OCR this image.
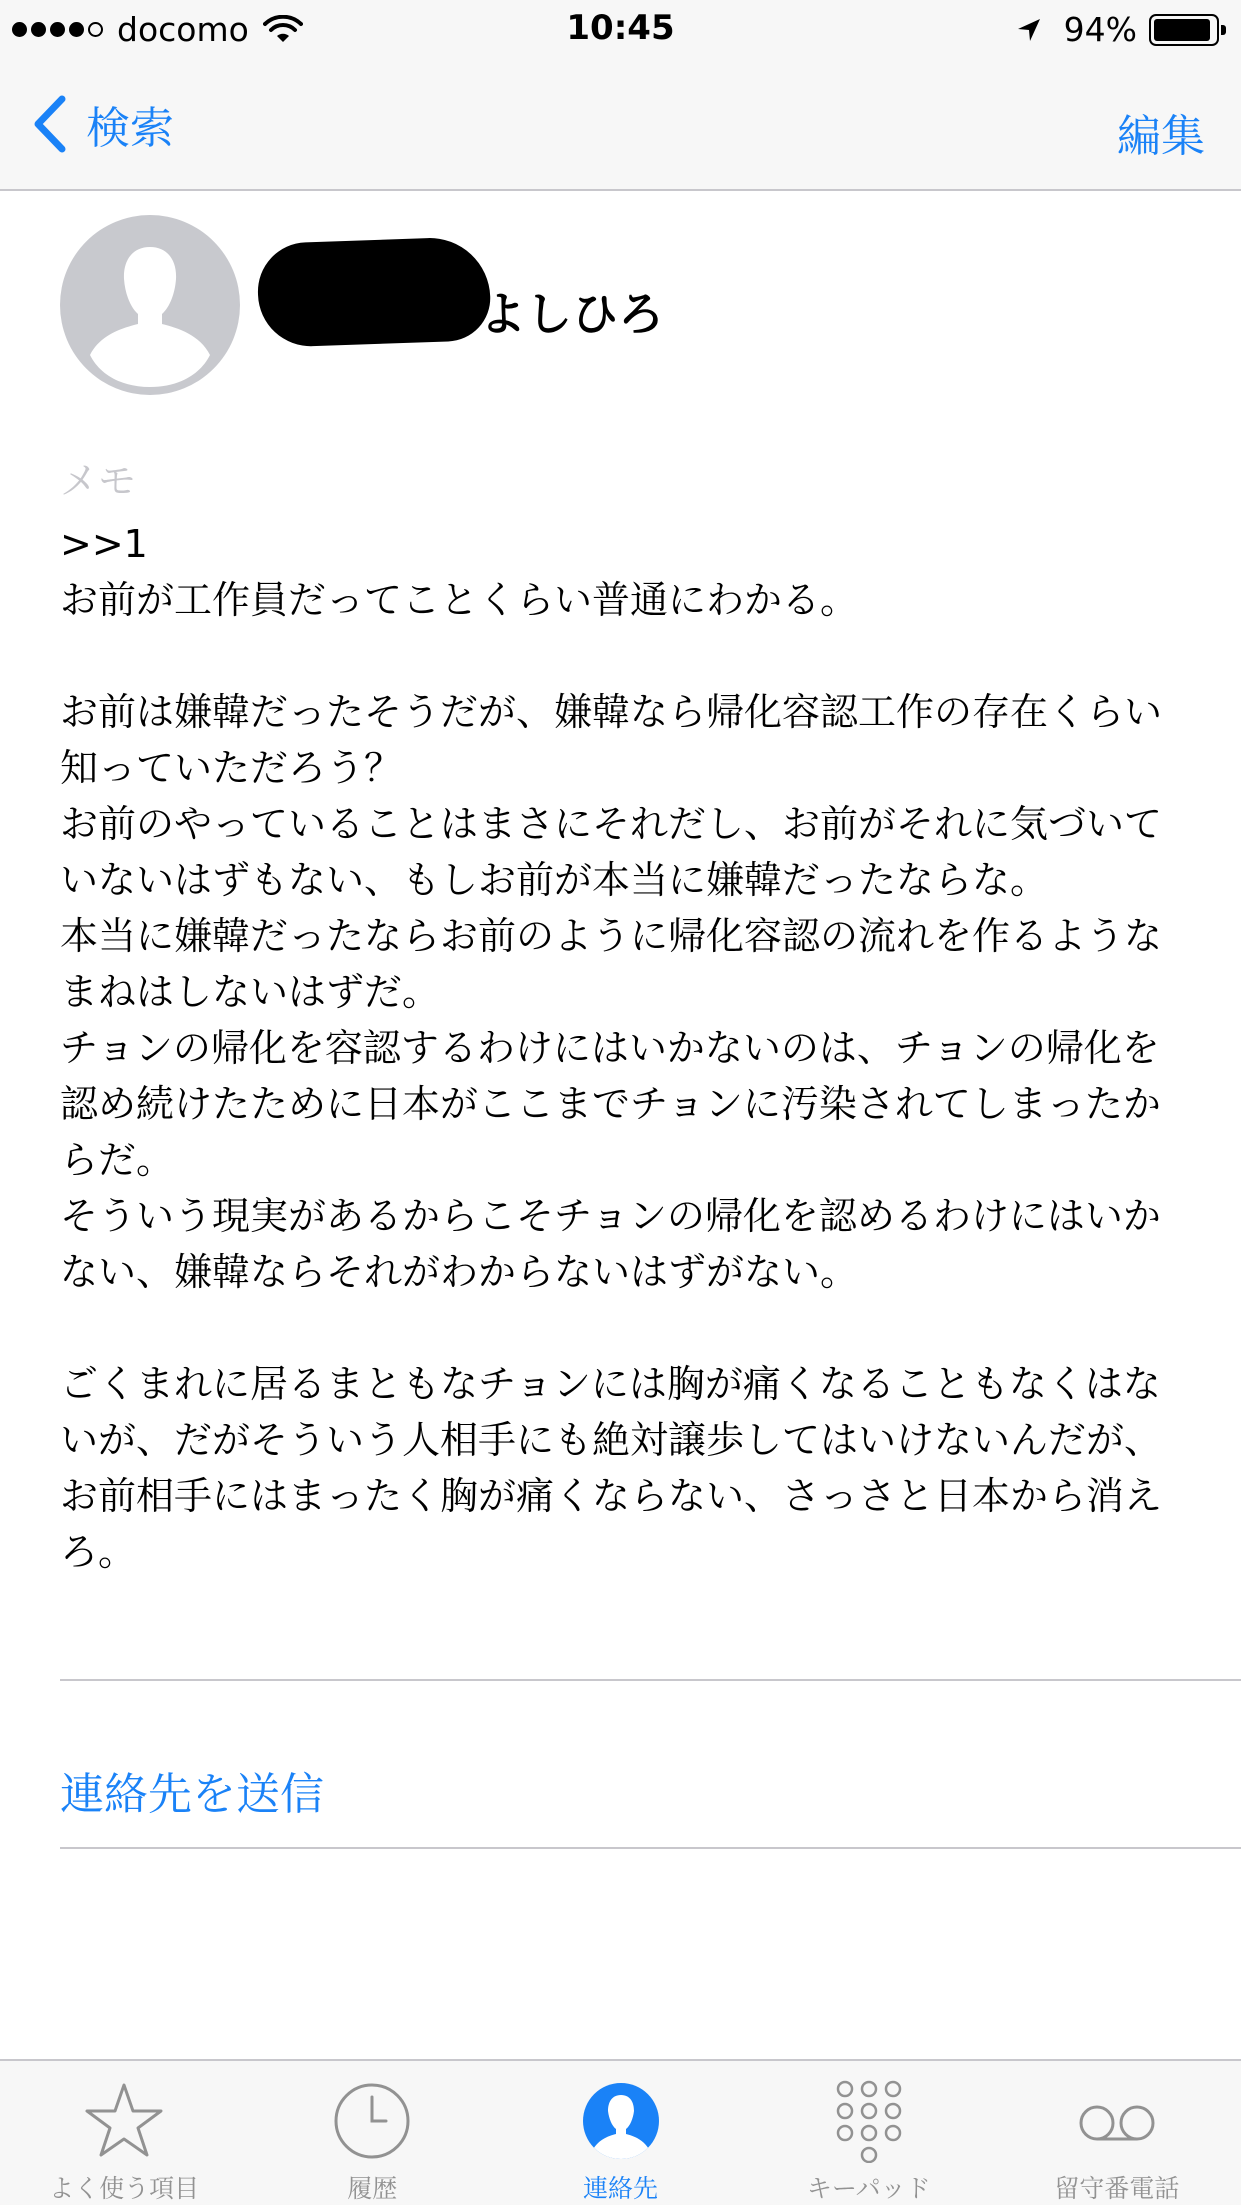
docomo	10:45	94%
検索	編集
よしひろ
メモ
>>1
お前が工作員だってことくらい普通にわかる。

お前は嫌韓だったそうだが、嫌韓なら帰化容認工作の存在くらい知っていただろう？
お前のやっていることはまさにそれだし、お前がそれに気づいていないはずもない、もしお前が本当に嫌韓だったならな。
本当に嫌韓だったならお前のように帰化容認の流れを作るようなまねはしないはずだ。
チョンの帰化を容認するわけにはいかないのは、チョンの帰化を認め続けたために日本がここまでチョンに汚染されてしまったからだ。
そういう現実があるからこそチョンの帰化を認めるわけにはいかない、嫌韓ならそれがわからないはずがない。

ごくまれに居るまともなチョンには胸が痛くなることもなくはないが、だがそういう人相手にも絶対譲歩してはいけないんだが、お前相手にはまったく胸が痛くならない、さっさと日本から消えろ。
連絡先を送信
よく使う項目	履歴	連絡先	キーパッド	留守番電話
